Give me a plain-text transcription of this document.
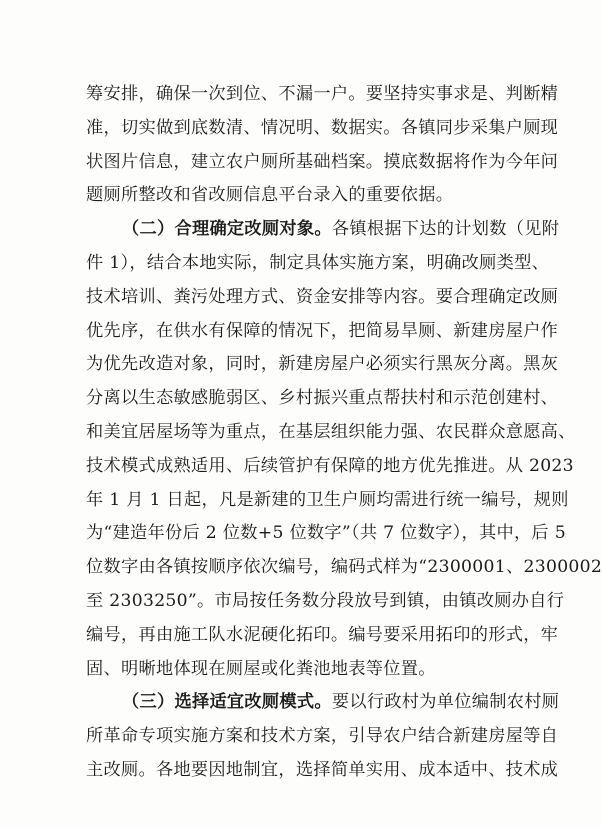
筹安排，确保一次到位、不漏一户。要坚持实事求是、判断精
准，切实做到底数清、情况明、数据实。各镇同步采集户厕现
状图片信息，建立农户厕所基础档案。摸底数据将作为今年问
题厕所整改和省改厕信息平台录入的重要依据。
（二）合理确定改厕对象。各镇根据下达的计划数（见附
件 1），结合本地实际，制定具体实施方案，明确改厕类型、
技术培训、粪污处理方式、资金安排等内容。要合理确定改厕
优先序，在供水有保障的情况下，把简易旱厕、新建房屋户作
为优先改造对象，同时，新建房屋户必须实行黑灰分离。黑灰
分离以生态敏感脆弱区、乡村振兴重点帮扶村和示范创建村、
和美宜居屋场等为重点，在基层组织能力强、农民群众意愿高、
技术模式成熟适用、后续管护有保障的地方优先推进。从 2023
年 1 月 1 日起，凡是新建的卫生户厕均需进行统一编号，规则
为“建造年份后 2 位数+5 位数字”（共 7 位数字），其中，后 5
位数字由各镇按顺序依次编号，编码式样为“2300001、2300002
至 2303250”。市局按任务数分段放号到镇，由镇改厕办自行
编号，再由施工队水泥硬化拓印。编号要采用拓印的形式，牢
固、明晰地体现在厕屋或化粪池地表等位置。
（三）选择适宜改厕模式。要以行政村为单位编制农村厕
所革命专项实施方案和技术方案，引导农户结合新建房屋等自
主改厕。各地要因地制宜，选择简单实用、成本适中、技术成
